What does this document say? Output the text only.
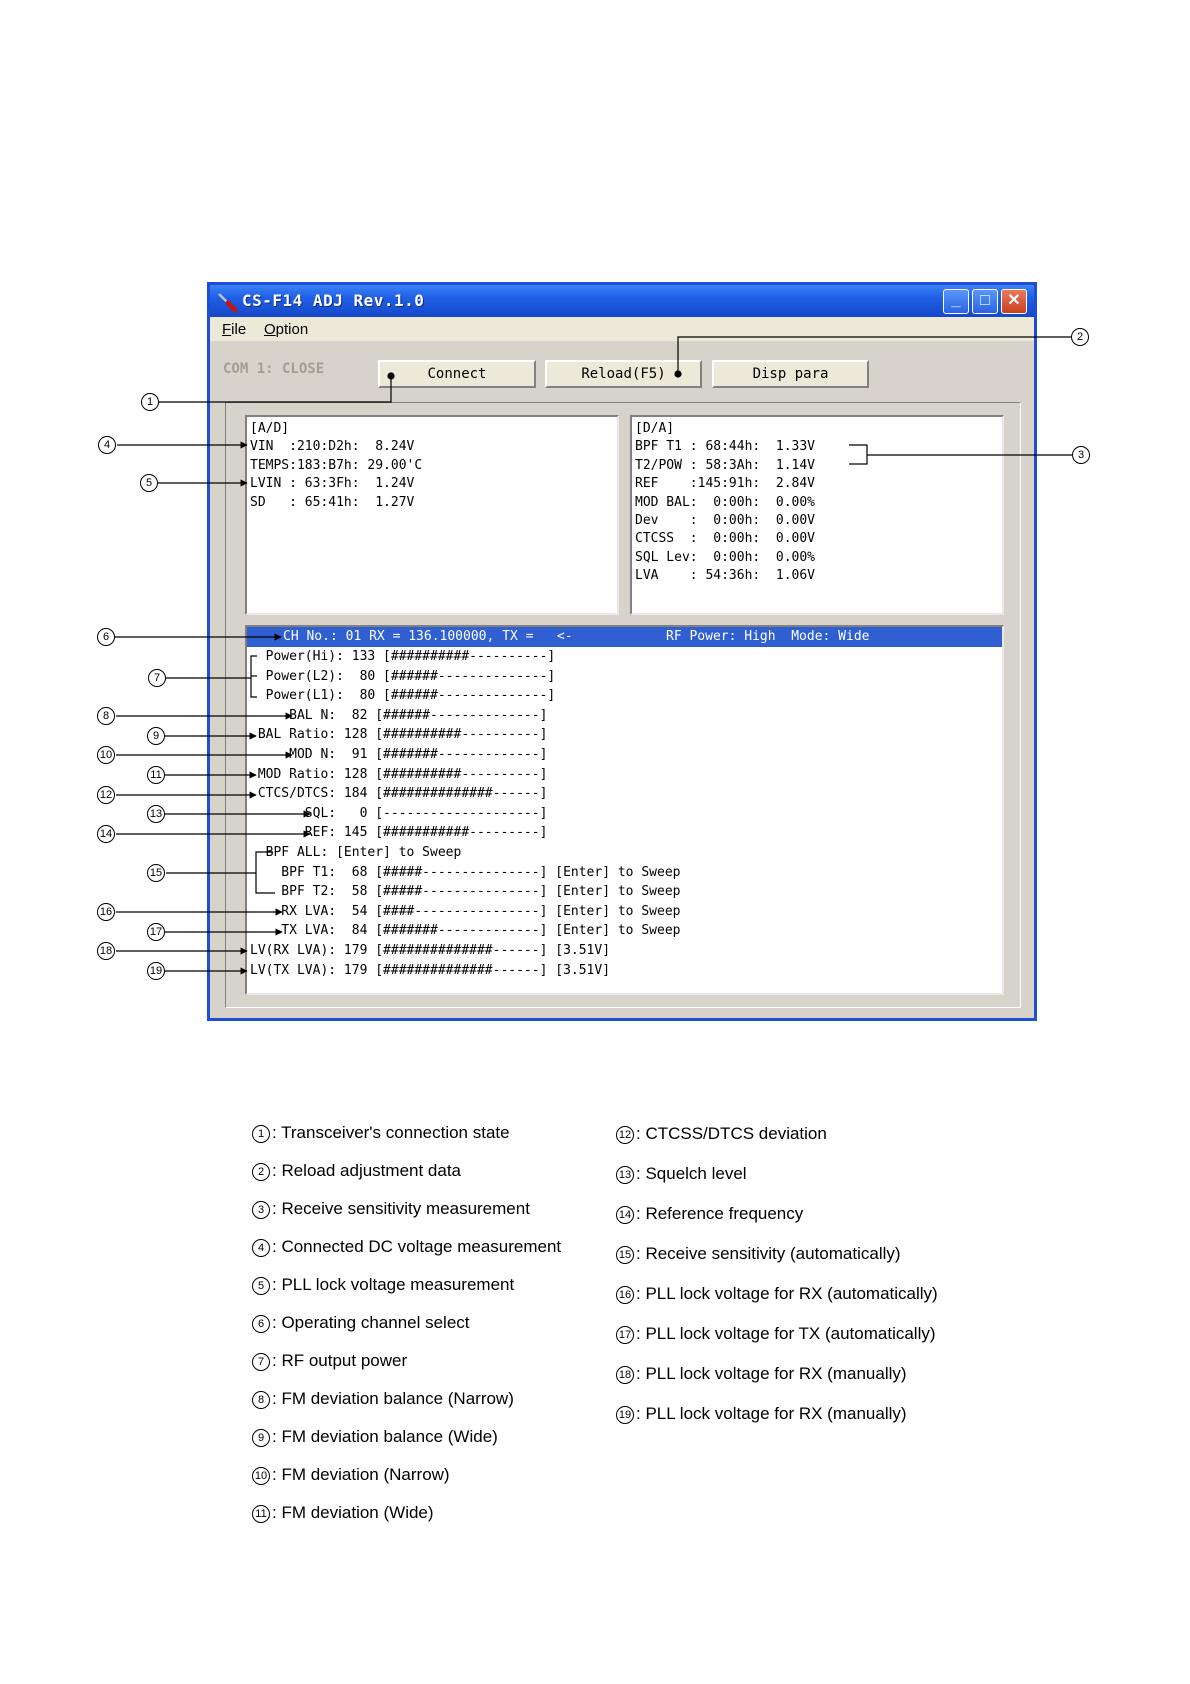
CS-F14 ADJ Rev.1.0	_	□	✕
File Option
COM 1: CLOSE	Connect	Reload(F5)	Disp para
[A/D]
VIN  :210:D2h:  8.24V
TEMPS:183:B7h: 29.00'C
LVIN : 63:3Fh:  1.24V
SD   : 65:41h:  1.27V
[D/A]
BPF T1 : 68:44h:  1.33V
T2/POW : 58:3Ah:  1.14V
REF    :145:91h:  2.84V
MOD BAL:  0:00h:  0.00%
Dev    :  0:00h:  0.00V
CTCSS  :  0:00h:  0.00V
SQL Lev:  0:00h:  0.00%
LVA    : 54:36h:  1.06V
CH No.: 01 RX = 136.100000, TX =   <-	RF Power: High  Mode: Wide
Power(Hi): 133 [##########----------]
Power(L2):  80 [######--------------]
Power(L1):  80 [######--------------]
BAL N:  82 [######--------------]
BAL Ratio: 128 [##########----------]
MOD N:  91 [#######-------------]
MOD Ratio: 128 [##########----------]
CTCS/DTCS: 184 [##############------]
SQL:   0 [--------------------]
REF: 145 [###########---------]
BPF ALL: [Enter] to Sweep
BPF T1:  68 [#####---------------] [Enter] to Sweep
BPF T2:  58 [#####---------------] [Enter] to Sweep
RX LVA:  54 [####----------------] [Enter] to Sweep
TX LVA:  84 [#######-------------] [Enter] to Sweep
LV(RX LVA): 179 [##############------] [3.51V]
LV(TX LVA): 179 [##############------] [3.51V]
1
2
3
4
5
6
7
8
9
10
11
12
13
14
15
16
17
18
19
1 : Transceiver's connection state
2 : Reload adjustment data
3 : Receive sensitivity measurement
4 : Connected DC voltage measurement
5 : PLL lock voltage measurement
6 : Operating channel select
7 : RF output power
8 : FM deviation balance (Narrow)
9 : FM deviation balance (Wide)
10 : FM deviation (Narrow)
11 : FM deviation (Wide)
12 : CTCSS/DTCS deviation
13 : Squelch level
14 : Reference frequency
15 : Receive sensitivity (automatically)
16 : PLL lock voltage for RX (automatically)
17 : PLL lock voltage for TX (automatically)
18 : PLL lock voltage for RX (manually)
19 : PLL lock voltage for RX (manually)
